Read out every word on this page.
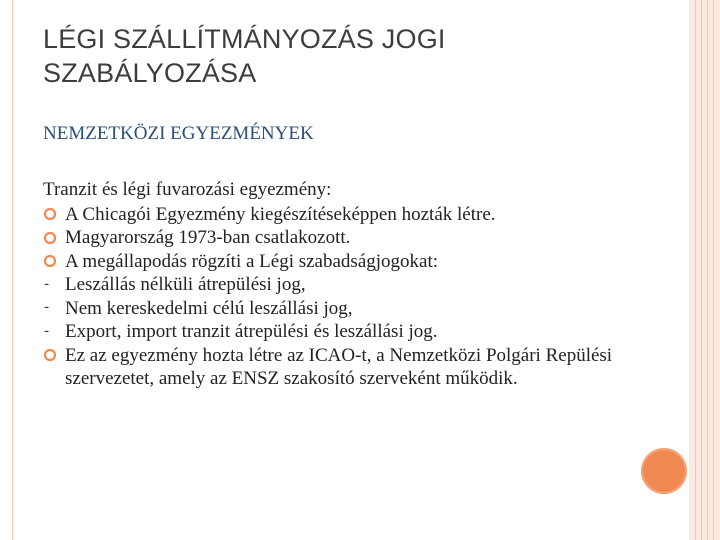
LÉGI SZÁLLÍTMÁNYOZÁS JOGI SZABÁLYOZÁSA
NEMZETKÖZI EGYEZMÉNYEK
Tranzit és légi fuvarozási egyezmény:
A Chicagói Egyezmény kiegészítéseképpen hozták létre.
Magyarország 1973-ban csatlakozott.
A megállapodás rögzíti a Légi szabadságjogokat:
- Leszállás nélküli átrepülési jog,
- Nem kereskedelmi célú leszállási jog,
- Export, import tranzit átrepülési és leszállási jog.
Ez az egyezmény hozta létre az ICAO-t, a Nemzetközi Polgári Repülési szervezetet, amely az ENSZ szakosító szerveként működik.
